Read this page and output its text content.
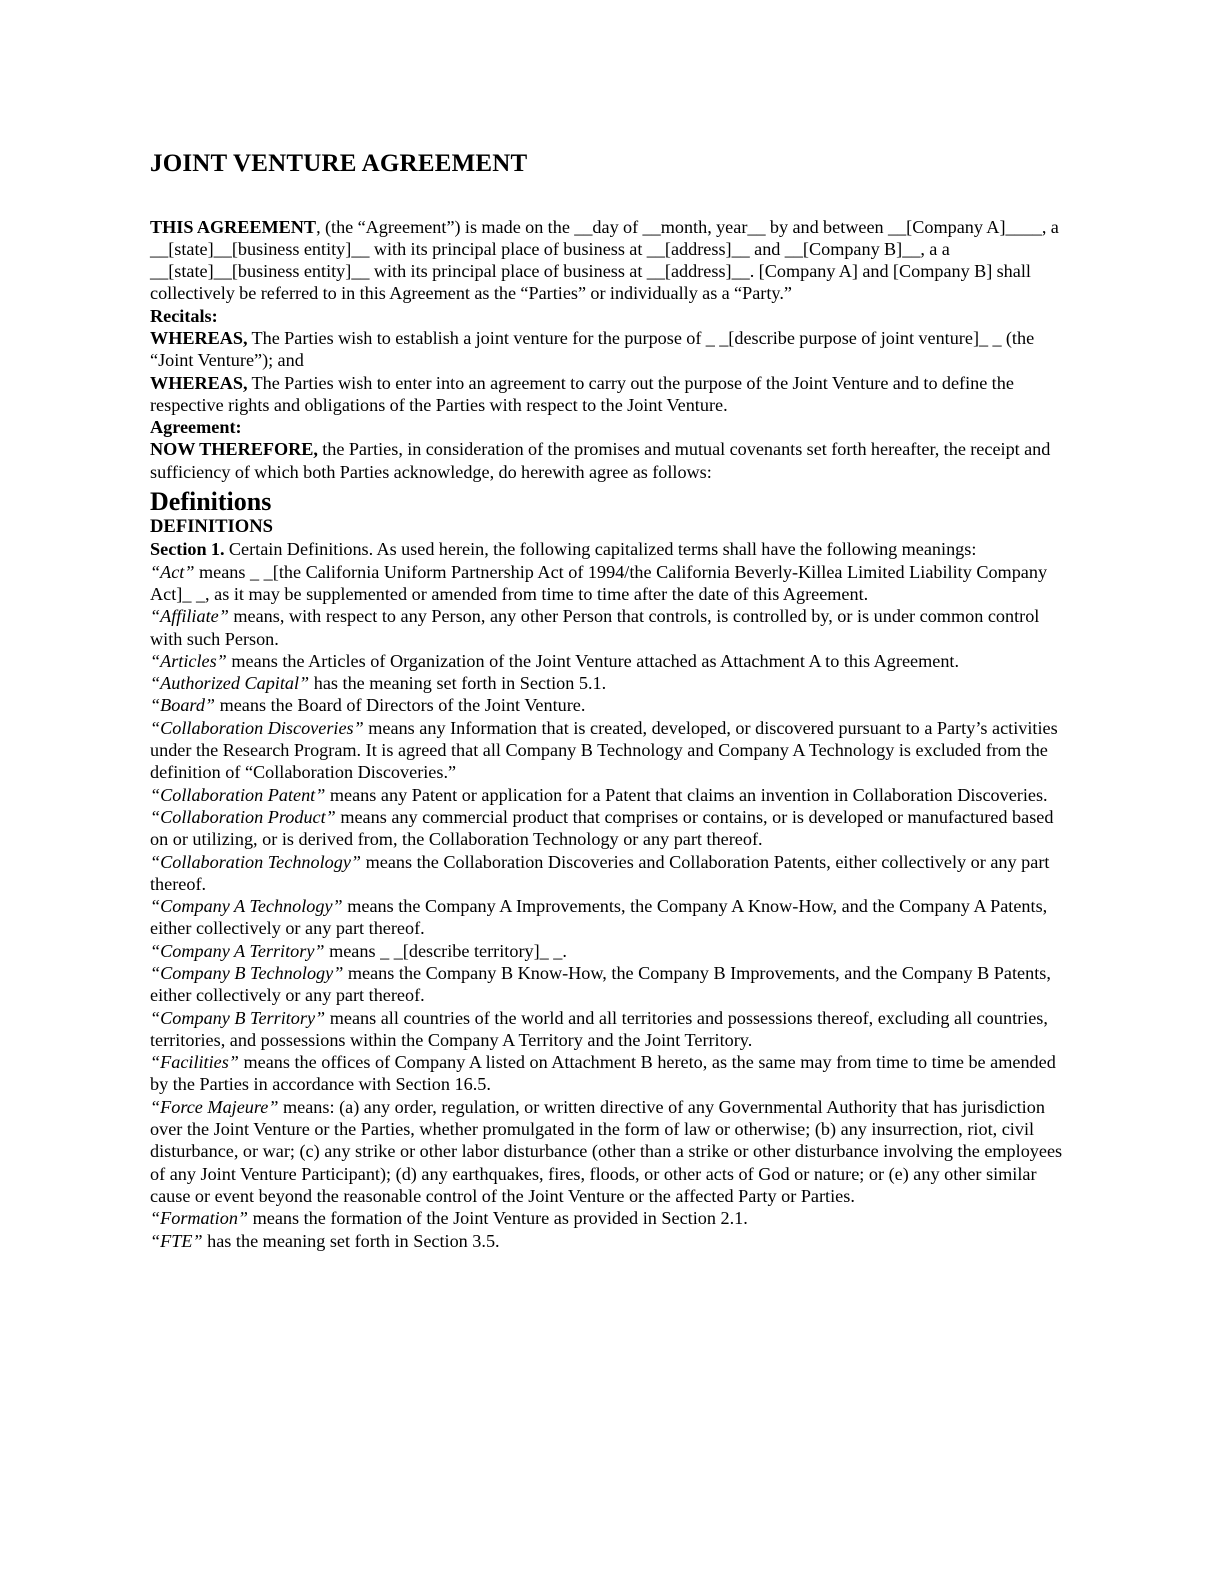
JOINT VENTURE AGREEMENT

THIS AGREEMENT, (the “Agreement”) is made on the __day of __month, year__ by and between __[Company A]____, a __[state]__[business entity]__ with its principal place of business at __[address]__ and __[Company B]__, a a __[state]__[business entity]__ with its principal place of business at __[address]__. [Company A] and [Company B] shall collectively be referred to in this Agreement as the “Parties” or individually as a “Party.”

Recitals:

WHEREAS, The Parties wish to establish a joint venture for the purpose of _ _[describe purpose of joint venture]_ _ (the “Joint Venture”); and

WHEREAS, The Parties wish to enter into an agreement to carry out the purpose of the Joint Venture and to define the respective rights and obligations of the Parties with respect to the Joint Venture.

Agreement:

NOW THEREFORE, the Parties, in consideration of the promises and mutual covenants set forth hereafter, the receipt and sufficiency of which both Parties acknowledge, do herewith agree as follows:

Definitions

DEFINITIONS

Section 1. Certain Definitions. As used herein, the following capitalized terms shall have the following meanings:

“Act” means _ _[the California Uniform Partnership Act of 1994/the California Beverly-Killea Limited Liability Company Act]_ _, as it may be supplemented or amended from time to time after the date of this Agreement.
“Affiliate” means, with respect to any Person, any other Person that controls, is controlled by, or is under common control with such Person.
“Articles” means the Articles of Organization of the Joint Venture attached as Attachment A to this Agreement.
“Authorized Capital” has the meaning set forth in Section 5.1.
“Board” means the Board of Directors of the Joint Venture.
“Collaboration Discoveries” means any Information that is created, developed, or discovered pursuant to a Party’s activities under the Research Program. It is agreed that all Company B Technology and Company A Technology is excluded from the definition of “Collaboration Discoveries.”
“Collaboration Patent” means any Patent or application for a Patent that claims an invention in Collaboration Discoveries.
“Collaboration Product” means any commercial product that comprises or contains, or is developed or manufactured based on or utilizing, or is derived from, the Collaboration Technology or any part thereof.
“Collaboration Technology” means the Collaboration Discoveries and Collaboration Patents, either collectively or any part thereof.
“Company A Technology” means the Company A Improvements, the Company A Know-How, and the Company A Patents, either collectively or any part thereof.
“Company A Territory” means _ _[describe territory]_ _.
“Company B Technology” means the Company B Know-How, the Company B Improvements, and the Company B Patents, either collectively or any part thereof.
“Company B Territory” means all countries of the world and all territories and possessions thereof, excluding all countries, territories, and possessions within the Company A Territory and the Joint Territory.
“Facilities” means the offices of Company A listed on Attachment B hereto, as the same may from time to time be amended by the Parties in accordance with Section 16.5.
“Force Majeure” means: (a) any order, regulation, or written directive of any Governmental Authority that has jurisdiction over the Joint Venture or the Parties, whether promulgated in the form of law or otherwise; (b) any insurrection, riot, civil disturbance, or war; (c) any strike or other labor disturbance (other than a strike or other disturbance involving the employees of any Joint Venture Participant); (d) any earthquakes, fires, floods, or other acts of God or nature; or (e) any other similar cause or event beyond the reasonable control of the Joint Venture or the affected Party or Parties.
“Formation” means the formation of the Joint Venture as provided in Section 2.1.
“FTE” has the meaning set forth in Section 3.5.
